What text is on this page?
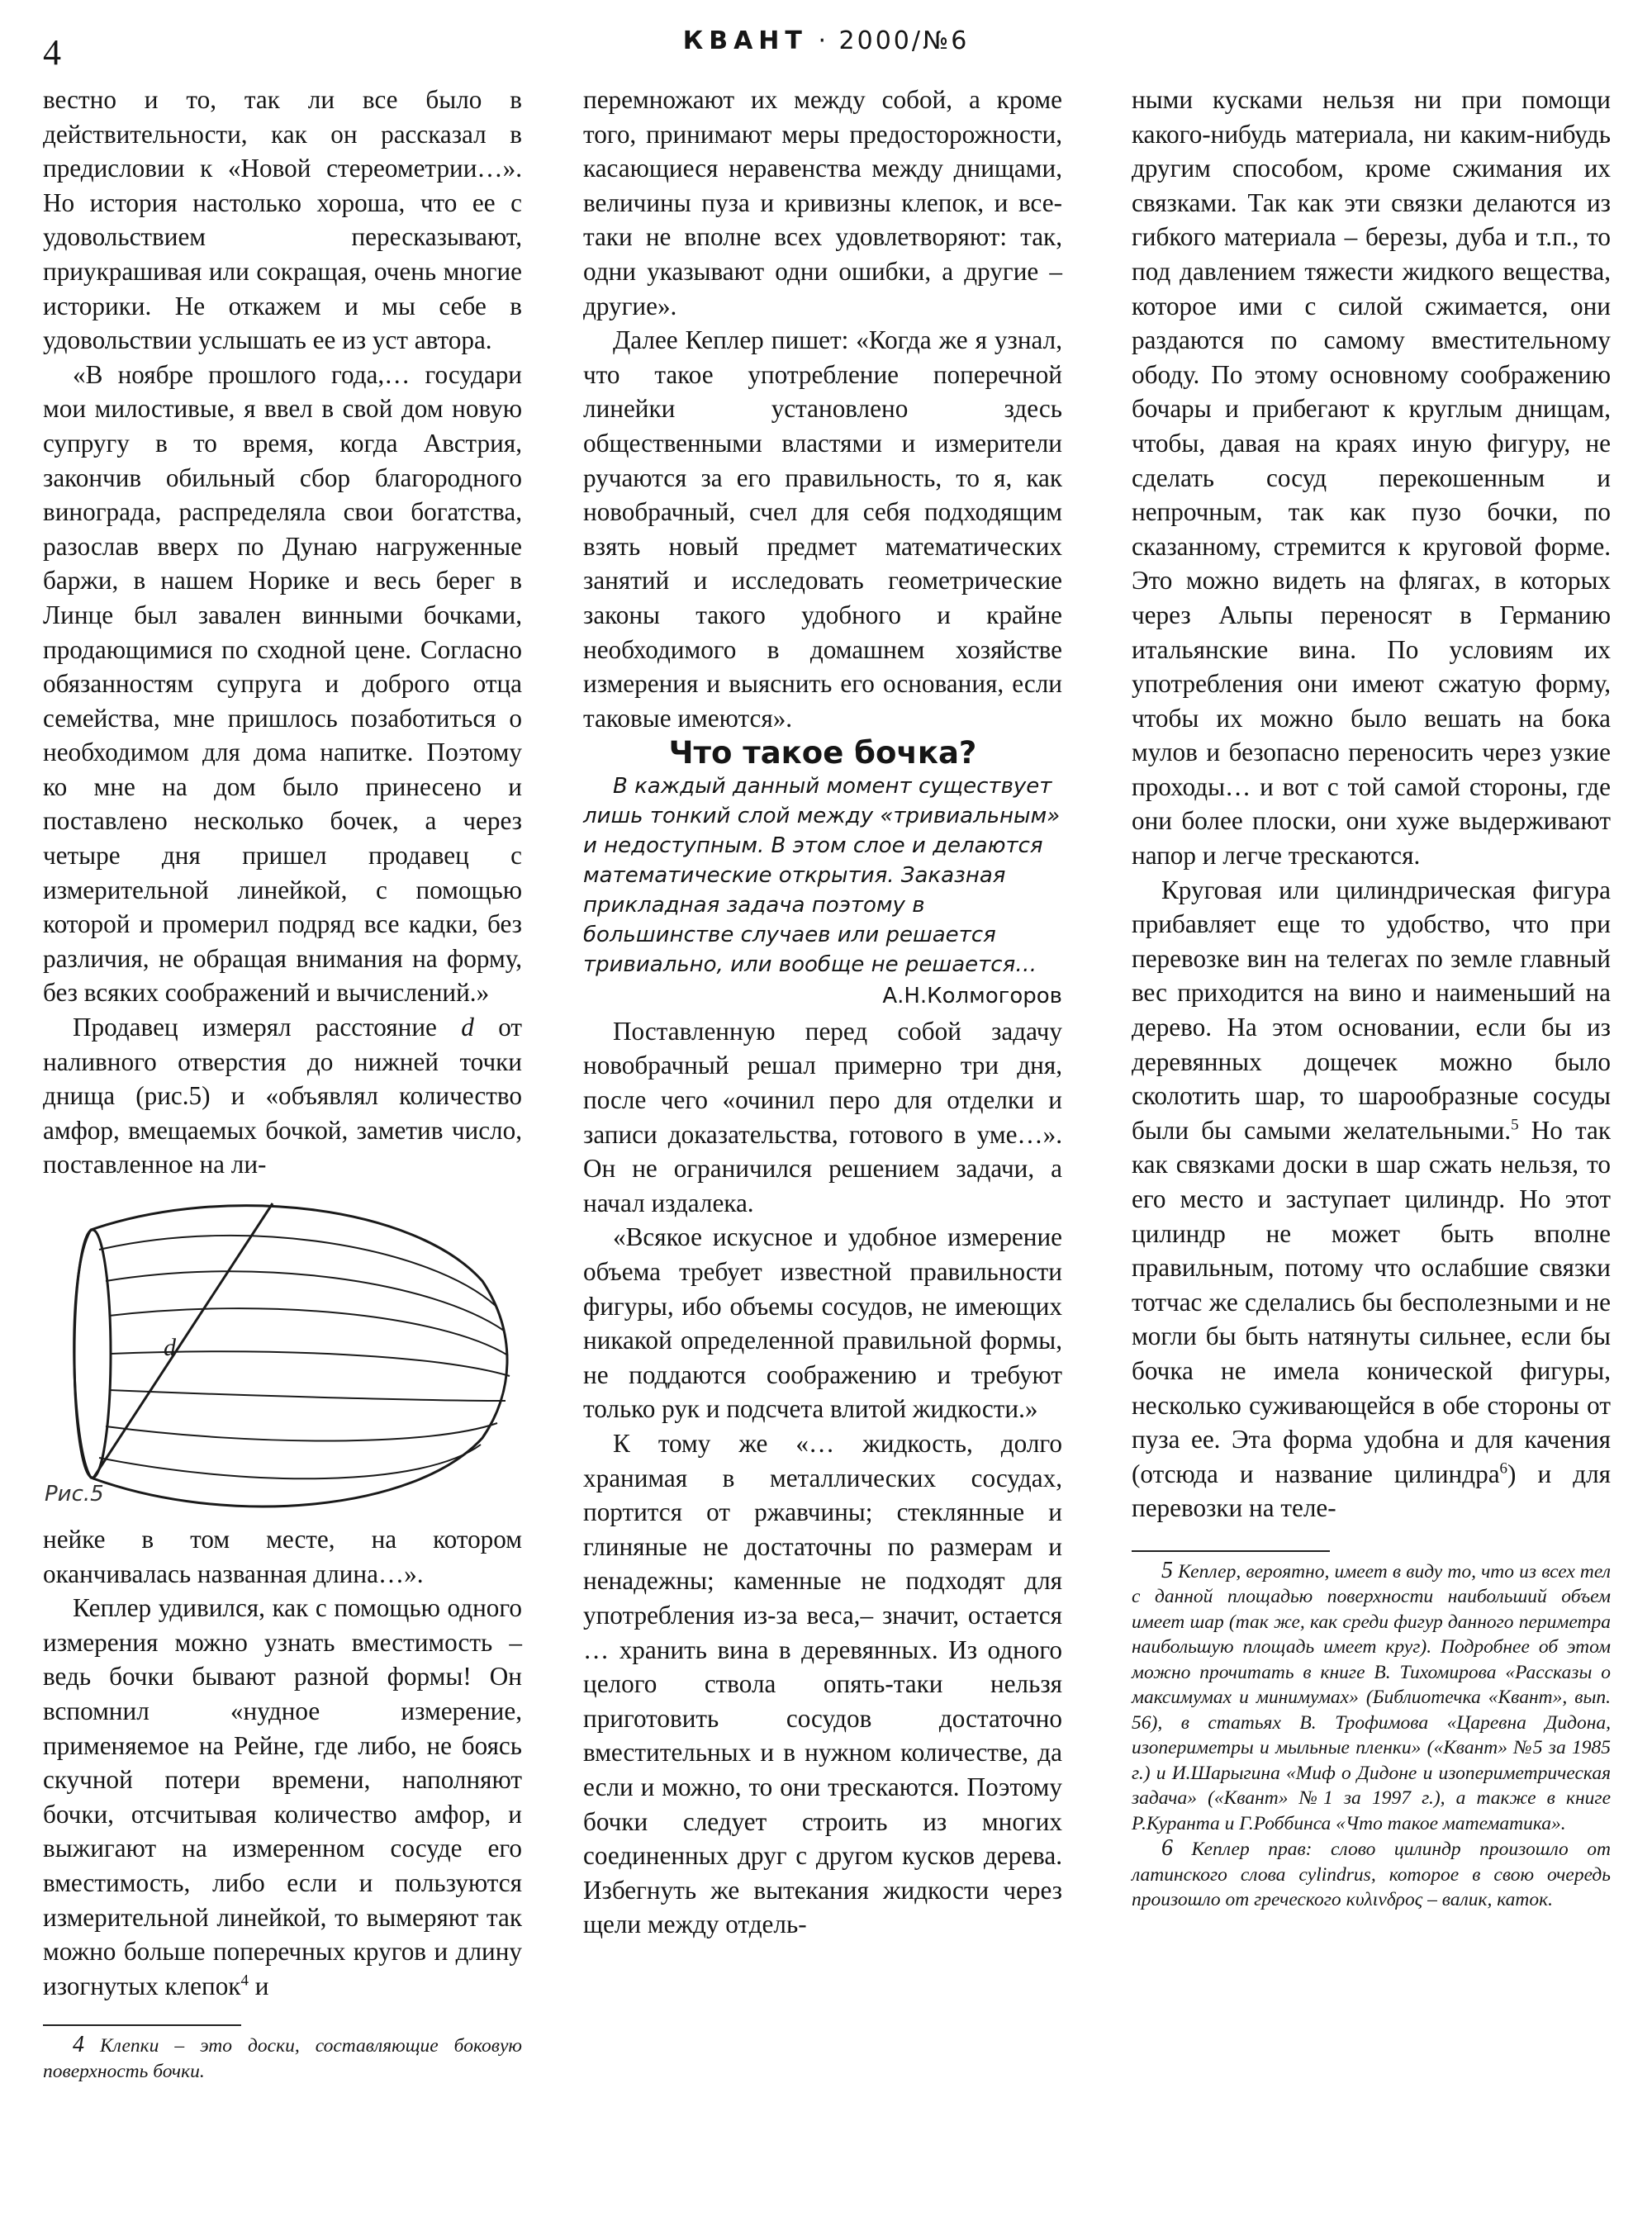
4	КВАНТ · 2000/№6

вестно и то, так ли все было в действительности, как он рассказал в предисловии к «Новой стереометрии…». Но история настолько хороша, что ее с удовольствием пересказывают, приукрашивая или сокращая, очень многие историки. Не откажем и мы себе в удовольствии услышать ее из уст автора.

«В ноябре прошлого года,… государи мои милостивые, я ввел в свой дом новую супругу в то время, когда Австрия, закончив обильный сбор благородного винограда, распределяла свои богатства, разослав вверх по Дунаю нагруженные баржи, в нашем Норике и весь берег в Линце был завален винными бочками, продающимися по сходной цене. Согласно обязанностям супруга и доброго отца семейства, мне пришлось позаботиться о необходимом для дома напитке. Поэтому ко мне на дом было принесено и поставлено несколько бочек, а через четыре дня пришел продавец с измерительной линейкой, с помощью которой и промерил подряд все кадки, без различия, не обращая внимания на форму, без всяких соображений и вычислений.»

Продавец измерял расстояние d от наливного отверстия до нижней точки днища (рис.5) и «объявлял количество амфор, вмещаемых бочкой, заметив число, поставленное на ли-

d
Рис.5

нейке в том месте, на котором оканчивалась названная длина…».

Кеплер удивился, как с помощью одного измерения можно узнать вместимость – ведь бочки бывают разной формы! Он вспомнил «нудное измерение, применяемое на Рейне, где либо, не боясь скучной потери времени, наполняют бочки, отсчитывая количество амфор, и выжигают на измеренном сосуде его вместимость, либо если и пользуются измерительной линейкой, то вымеряют так можно больше поперечных кругов и длину изогнутых клепок$^4$ и

4 Клепки – это доски, составляющие боковую поверхность бочки.

перемножают их между собой, а кроме того, принимают меры предосторожности, касающиеся неравенства между днищами, величины пуза и кривизны клепок, и все-таки не вполне всех удовлетворяют: так, одни указывают одни ошибки, а другие – другие».

Далее Кеплер пишет: «Когда же я узнал, что такое употребление поперечной линейки установлено здесь общественными властями и измерители ручаются за его правильность, то я, как новобрачный, счел для себя подходящим взять новый предмет математических занятий и исследовать геометрические законы такого удобного и крайне необходимого в домашнем хозяйстве измерения и выяснить его основания, если таковые имеются».

Что такое бочка?

В каждый данный момент существует лишь тонкий слой между «тривиальным» и недоступным. В этом слое и делаются математические открытия. Заказная прикладная задача поэтому в большинстве случаев или решается тривиально, или вообще не решается…

А.Н.Колмогоров

Поставленную перед собой задачу новобрачный решал примерно три дня, после чего «очинил перо для отделки и записи доказательства, готового в уме…». Он не ограничился решением задачи, а начал издалека.

«Всякое искусное и удобное измерение объема требует известной правильности фигуры, ибо объемы сосудов, не имеющих никакой определенной правильной формы, не поддаются соображению и требуют только рук и подсчета влитой жидкости.»

К тому же «… жидкость, долго хранимая в металлических сосудах, портится от ржавчины; стеклянные и глиняные не достаточны по размерам и ненадежны; каменные не подходят для употребления из-за веса,– значит, остается … хранить вина в деревянных. Из одного целого ствола опять-таки нельзя приготовить сосудов достаточно вместительных и в нужном количестве, да если и можно, то они трескаются. Поэтому бочки следует строить из многих соединенных друг с другом кусков дерева. Избегнуть же вытекания жидкости через щели между отдель-

ными кусками нельзя ни при помощи какого-нибудь материала, ни каким-нибудь другим способом, кроме сжимания их связками. Так как эти связки делаются из гибкого материала – березы, дуба и т.п., то под давлением тяжести жидкого вещества, которое ими с силой сжимается, они раздаются по самому вместительному ободу. По этому основному соображению бочары и прибегают к круглым днищам, чтобы, давая на краях иную фигуру, не сделать сосуд перекошенным и непрочным, так как пузо бочки, по сказанному, стремится к круговой форме. Это можно видеть на флягах, в которых через Альпы переносят в Германию итальянские вина. По условиям их употребления они имеют сжатую форму, чтобы их можно было вешать на бока мулов и безопасно переносить через узкие проходы… и вот с той самой стороны, где они более плоски, они хуже выдерживают напор и легче трескаются.

Круговая или цилиндрическая фигура прибавляет еще то удобство, что при перевозке вин на телегах по земле главный вес приходится на вино и наименьший на дерево. На этом основании, если бы из деревянных дощечек можно было сколотить шар, то шарообразные сосуды были бы самыми желательными.$^5$ Но так как связками доски в шар сжать нельзя, то его место и заступает цилиндр. Но этот цилиндр не может быть вполне правильным, потому что ослабшие связки тотчас же сделались бы бесполезными и не могли бы быть натянуты сильнее, если бы бочка не имела конической фигуры, несколько суживающейся в обе стороны от пуза ее. Эта форма удобна и для качения (отсюда и название цилиндра$^6$) и для перевозки на теле-

5 Кеплер, вероятно, имеет в виду то, что из всех тел с данной площадью поверхности наибольший объем имеет шар (так же, как среди фигур данного периметра наибольшую площадь имеет круг). Подробнее об этом можно прочитать в книге В. Тихомирова «Рассказы о максимумах и минимумах» (Библиотечка «Квант», вып. 56), в статьях В. Трофимова «Царевна Дидона, изопериметры и мыльные пленки» («Квант» №5 за 1985 г.) и И.Шарыгина «Миф о Дидоне и изопериметрическая задача» («Квант» №1 за 1997 г.), а также в книге Р.Куранта и Г.Роббинса «Что такое математика».

6 Кеплер прав: слово цилиндр произошло от латинского слова cylindrus, которое в свою очередь произошло от греческого κυλινδρος – валик, каток.
